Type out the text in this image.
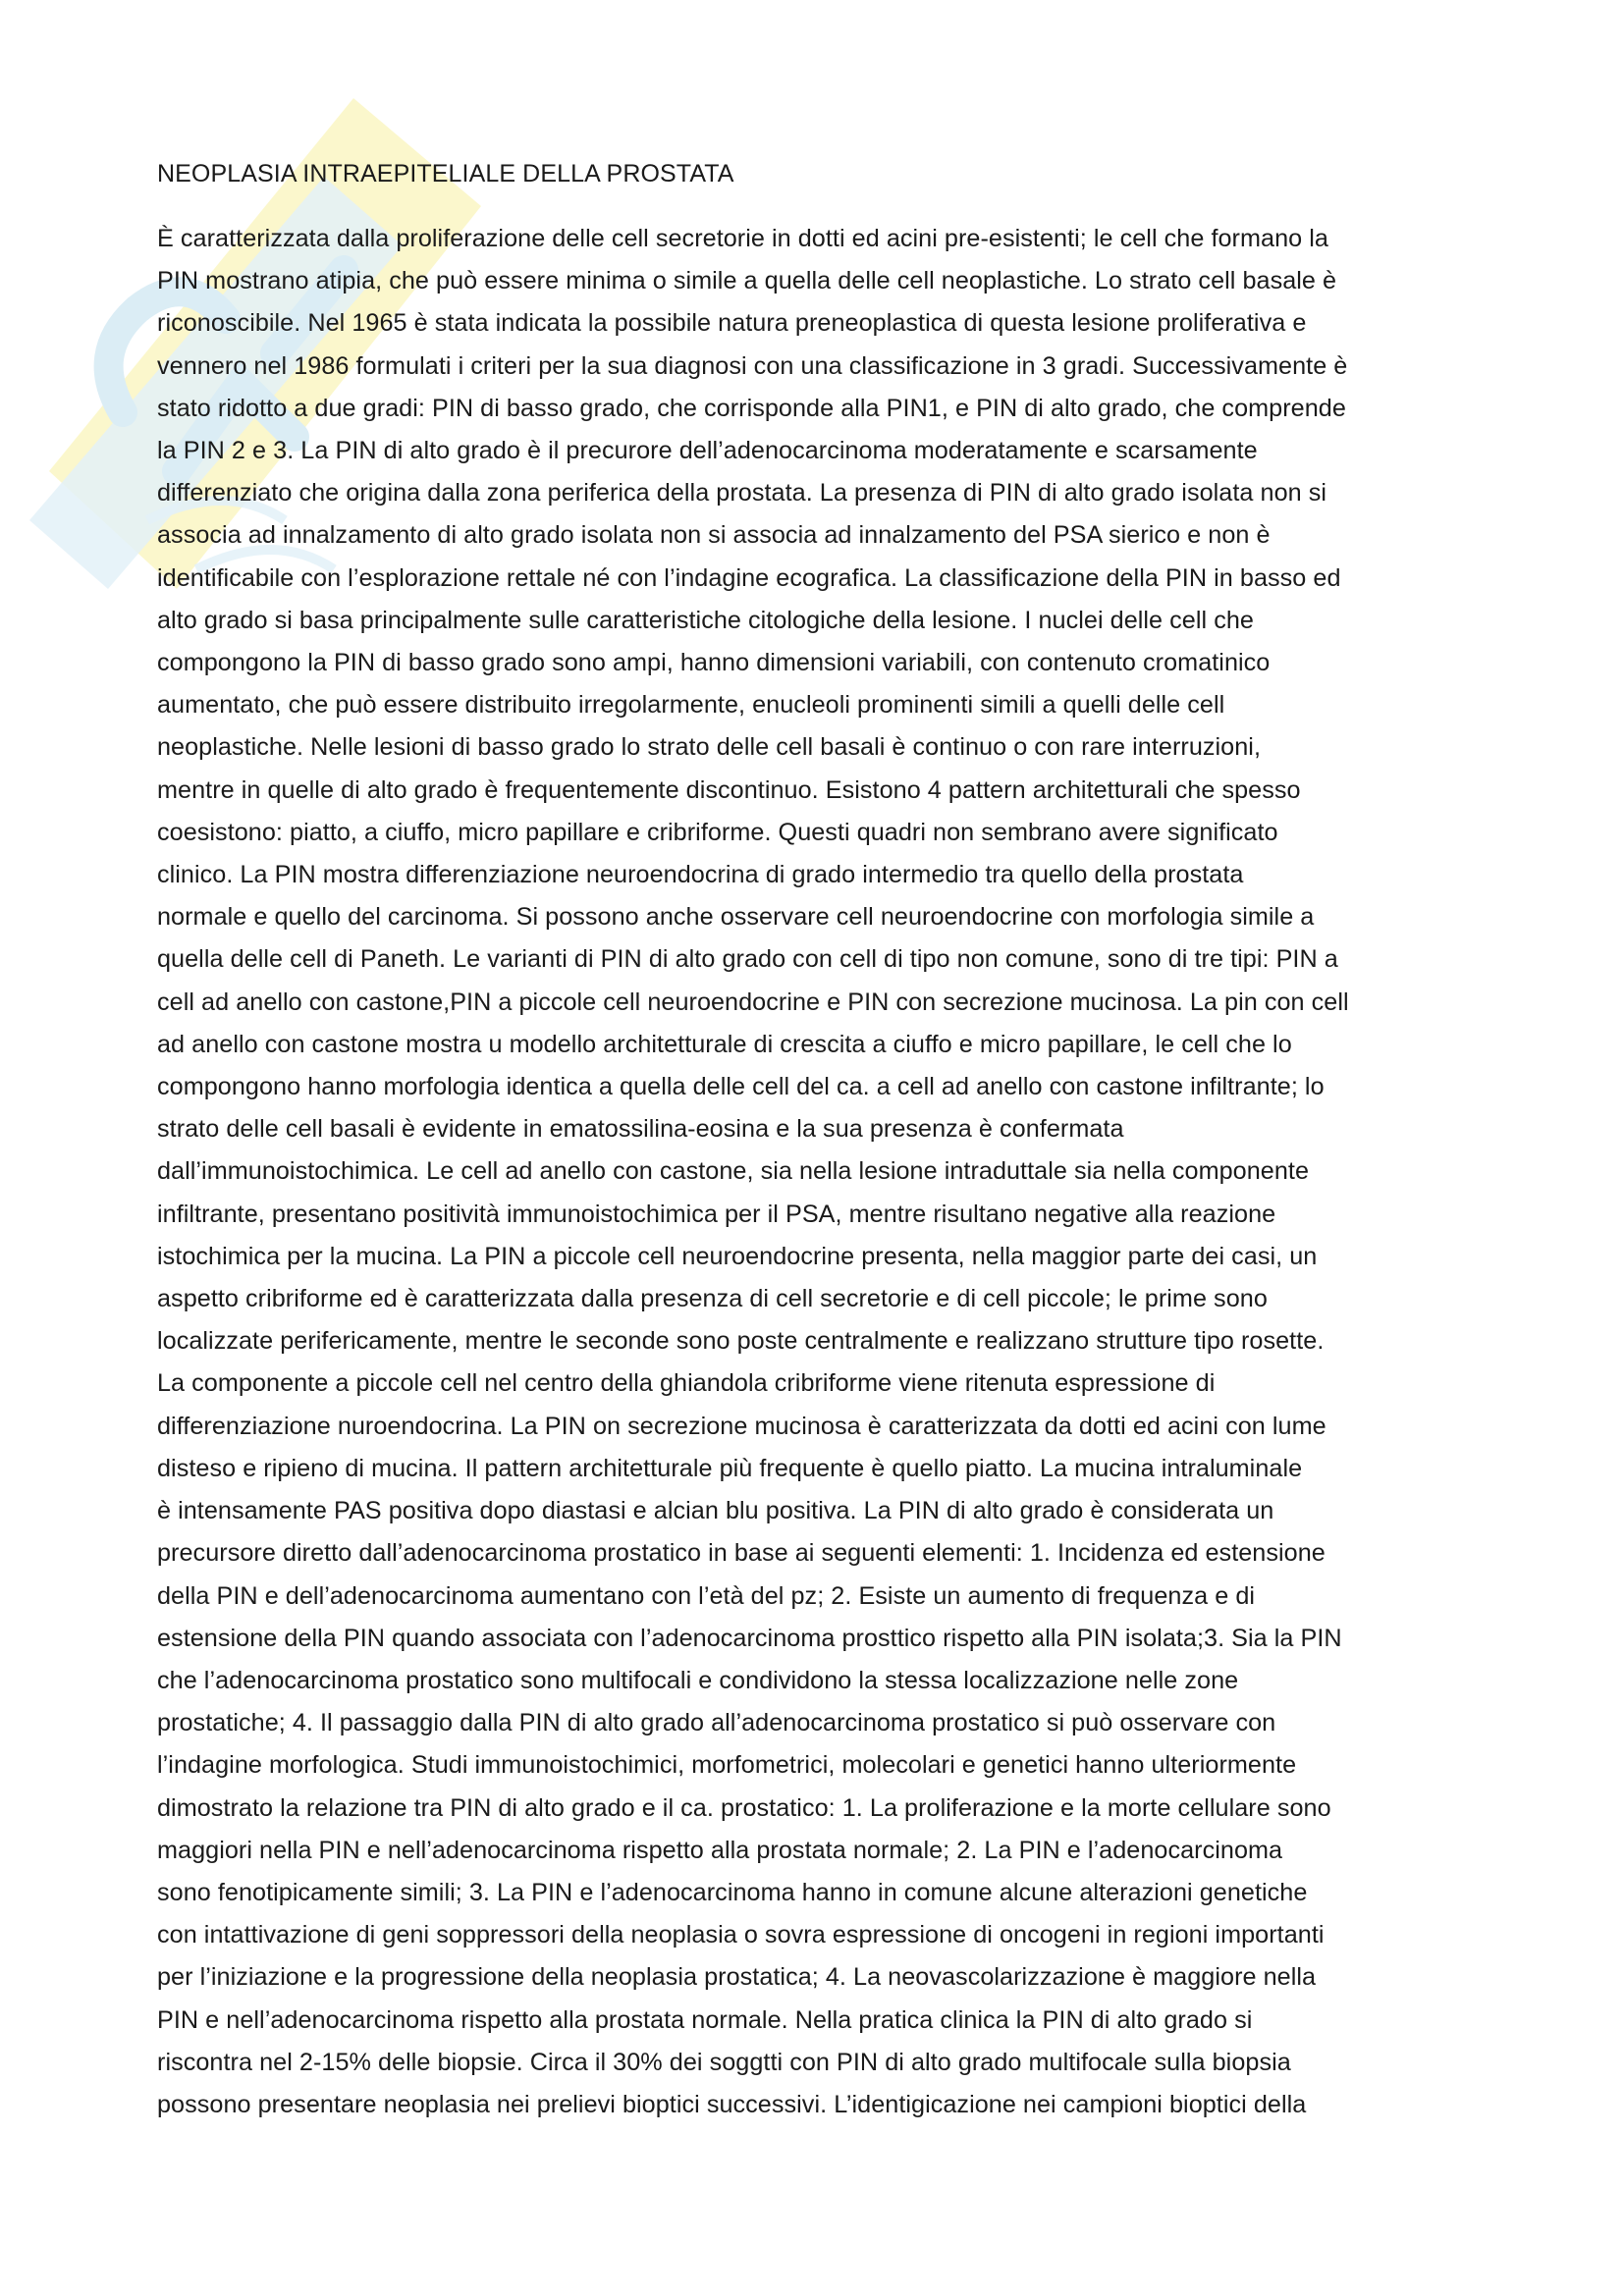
NEOPLASIA INTRAEPITELIALE DELLA PROSTATA
È caratterizzata dalla proliferazione delle cell secretorie in dotti ed acini pre-esistenti; le cell che formano la
PIN mostrano atipia, che può essere minima o simile a quella delle cell neoplastiche. Lo strato cell basale è
riconoscibile. Nel 1965 è stata indicata la possibile natura preneoplastica di questa lesione proliferativa e
vennero nel 1986 formulati i criteri per la sua diagnosi con una classificazione in 3 gradi. Successivamente è
stato ridotto a due gradi: PIN di basso grado, che corrisponde alla PIN1, e PIN di alto grado, che comprende
la PIN 2 e 3. La PIN di alto grado è il precurore dell’adenocarcinoma moderatamente e scarsamente
differenziato che origina dalla zona periferica della prostata. La presenza di PIN di alto grado isolata non si
associa ad innalzamento di alto grado isolata non si associa ad innalzamento del PSA sierico e non è
identificabile con l’esplorazione rettale né con l’indagine ecografica. La classificazione della PIN in basso ed
alto grado si basa principalmente sulle caratteristiche citologiche della lesione. I nuclei delle cell che
compongono la PIN di basso grado sono ampi, hanno dimensioni variabili, con contenuto cromatinico
aumentato, che può essere distribuito irregolarmente, enucleoli prominenti simili a quelli delle cell
neoplastiche. Nelle lesioni di basso grado lo strato delle cell basali è continuo o con rare interruzioni,
mentre in quelle di alto grado è frequentemente discontinuo. Esistono 4 pattern architetturali che spesso
coesistono: piatto, a ciuffo, micro papillare e cribriforme. Questi quadri non sembrano avere significato
clinico. La PIN mostra differenziazione neuroendocrina di grado intermedio tra quello della prostata
normale e quello del carcinoma. Si possono anche osservare cell neuroendocrine con morfologia simile a
quella delle cell di Paneth. Le varianti di PIN di alto grado con cell di tipo non comune, sono di tre tipi: PIN a
cell ad anello con castone,PIN a piccole cell neuroendocrine e PIN con secrezione mucinosa. La pin con cell
ad anello con castone mostra u modello architetturale di crescita a ciuffo e micro papillare, le cell che lo
compongono hanno morfologia identica a quella delle cell del ca. a cell ad anello con castone infiltrante; lo
strato delle cell basali è evidente in ematossilina-eosina e la sua presenza è confermata
dall’immunoistochimica. Le cell ad anello con castone, sia nella lesione intraduttale sia nella componente
infiltrante, presentano positività immunoistochimica per il PSA, mentre risultano negative alla reazione
istochimica per la mucina. La PIN a piccole cell neuroendocrine presenta, nella maggior parte dei casi, un
aspetto cribriforme ed è caratterizzata dalla presenza di cell secretorie e di cell piccole; le prime sono
localizzate perifericamente, mentre le seconde sono poste centralmente e realizzano strutture tipo rosette.
La componente a piccole cell nel centro della ghiandola cribriforme viene ritenuta espressione di
differenziazione nuroendocrina. La PIN on secrezione mucinosa è caratterizzata da dotti ed acini con lume
disteso e ripieno di mucina. Il pattern architetturale più frequente è quello piatto. La mucina intraluminale
è intensamente PAS positiva dopo diastasi e alcian blu positiva. La PIN di alto grado è considerata un
precursore diretto dall’adenocarcinoma prostatico in base ai seguenti elementi: 1. Incidenza ed estensione
della PIN e dell’adenocarcinoma aumentano con l’età del pz; 2. Esiste un aumento di frequenza e di
estensione della PIN quando associata con l’adenocarcinoma prosttico rispetto alla PIN isolata;3. Sia la PIN
che l’adenocarcinoma prostatico sono multifocali e condividono la stessa localizzazione nelle zone
prostatiche; 4. Il passaggio dalla PIN di alto grado all’adenocarcinoma prostatico si può osservare con
l’indagine morfologica. Studi immunoistochimici, morfometrici, molecolari e genetici hanno ulteriormente
dimostrato la relazione tra PIN di alto grado e il ca. prostatico: 1. La proliferazione e la morte cellulare sono
maggiori nella PIN e nell’adenocarcinoma rispetto alla prostata normale; 2. La PIN e l’adenocarcinoma
sono fenotipicamente simili; 3. La PIN e l’adenocarcinoma hanno in comune alcune alterazioni genetiche
con intattivazione di geni soppressori della neoplasia o sovra espressione di oncogeni in regioni importanti
per l’iniziazione e la progressione della neoplasia prostatica; 4. La neovascolarizzazione è maggiore nella
PIN e nell’adenocarcinoma rispetto alla prostata normale. Nella pratica clinica la PIN di alto grado si
riscontra nel 2-15% delle biopsie. Circa il 30% dei soggtti con PIN di alto grado multifocale sulla biopsia
possono presentare neoplasia nei prelievi bioptici successivi. L’identigicazione nei campioni bioptici della
